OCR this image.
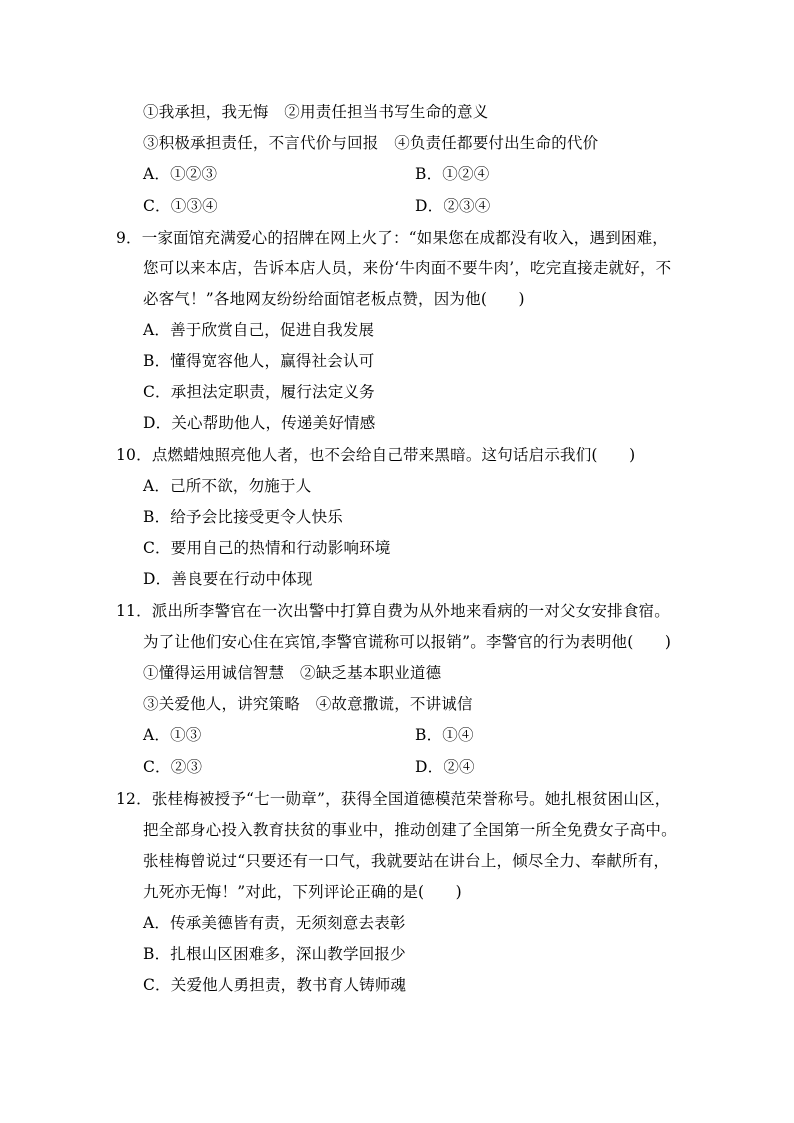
①我承担，我无悔　②用责任担当书写生命的意义
③积极承担责任，不言代价与回报　④负责任都要付出生命的代价
A．①②③	B．①②④
C．①③④	D．②③④
9．一家面馆充满爱心的招牌在网上火了：“如果您在成都没有收入，遇到困难，
您可以来本店，告诉本店人员，来份‘牛肉面不要牛肉’，吃完直接走就好，不
必客气！”各地网友纷纷给面馆老板点赞，因为他(　　)
A．善于欣赏自己，促进自我发展
B．懂得宽容他人，赢得社会认可
C．承担法定职责，履行法定义务
D．关心帮助他人，传递美好情感
10．点燃蜡烛照亮他人者，也不会给自己带来黑暗。这句话启示我们(　　)
A．己所不欲，勿施于人
B．给予会比接受更令人快乐
C．要用自己的热情和行动影响环境
D．善良要在行动中体现
11．派出所李警官在一次出警中打算自费为从外地来看病的一对父女安排食宿。
为了让他们安心住在宾馆,李警官谎称可以报销”。李警官的行为表明他(　　)
①懂得运用诚信智慧　②缺乏基本职业道德
③关爱他人，讲究策略　④故意撒谎，不讲诚信
A．①③	B．①④
C．②③	D．②④
12．张桂梅被授予“七一勋章”，获得全国道德模范荣誉称号。她扎根贫困山区，
把全部身心投入教育扶贫的事业中，推动创建了全国第一所全免费女子高中。
张桂梅曾说过“只要还有一口气，我就要站在讲台上，倾尽全力、奉献所有，
九死亦无悔！”对此，下列评论正确的是(　　)
A．传承美德皆有责，无须刻意去表彰
B．扎根山区困难多，深山教学回报少
C．关爱他人勇担责，教书育人铸师魂
